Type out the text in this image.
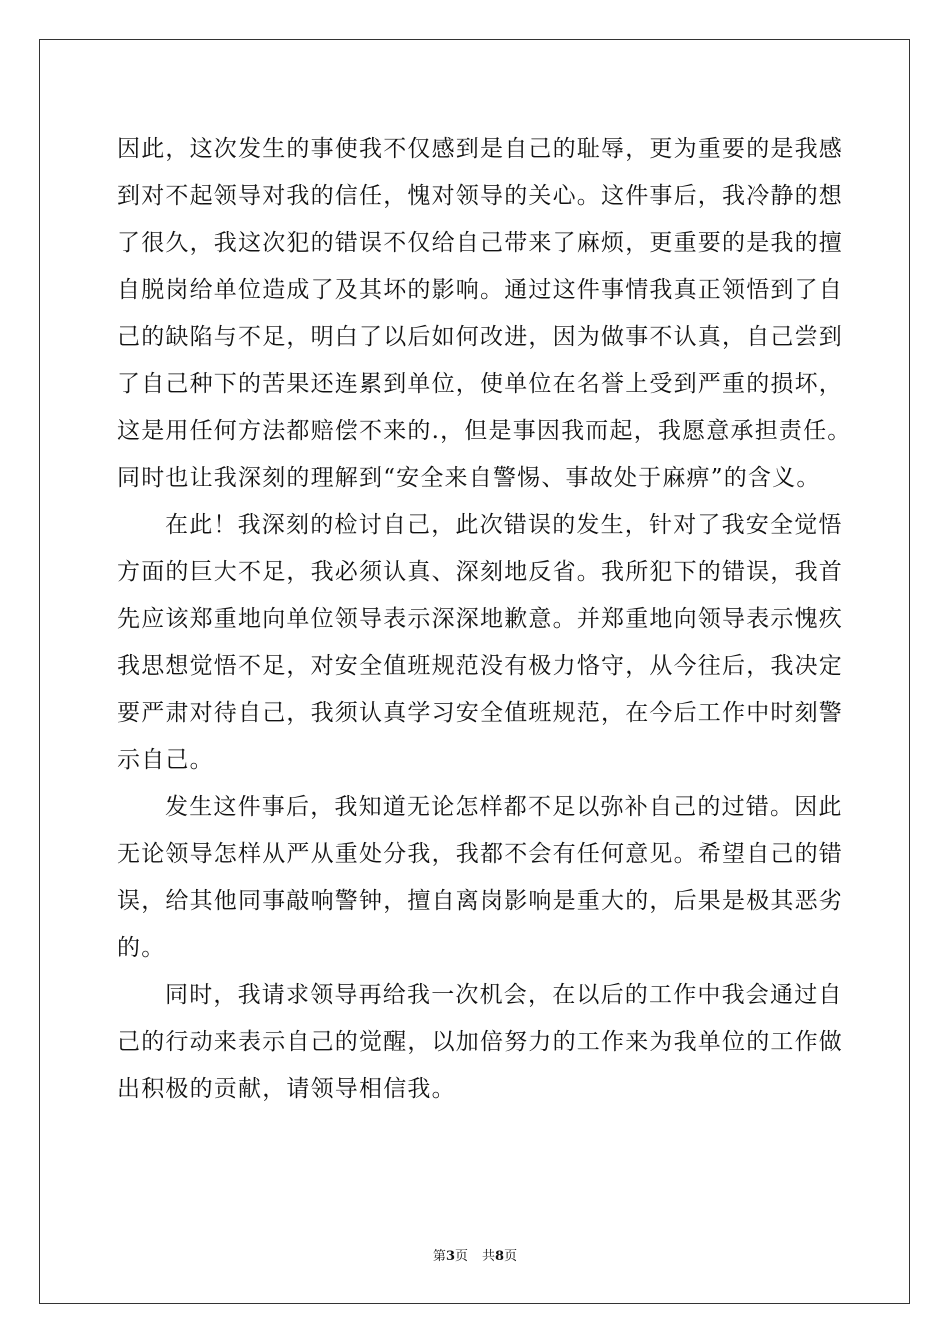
因此，这次发生的事使我不仅感到是自己的耻辱，更为重要的是我感
到对不起领导对我的信任，愧对领导的关心。这件事后，我冷静的想
了很久，我这次犯的错误不仅给自己带来了麻烦，更重要的是我的擅
自脱岗给单位造成了及其坏的影响。通过这件事情我真正领悟到了自
己的缺陷与不足，明白了以后如何改进，因为做事不认真，自己尝到
了自己种下的苦果还连累到单位，使单位在名誉上受到严重的损坏，
这是用任何方法都赔偿不来的.，但是事因我而起，我愿意承担责任。
同时也让我深刻的理解到“安全来自警惕、事故处于麻痹”的含义。
在此！我深刻的检讨自己，此次错误的发生，针对了我安全觉悟
方面的巨大不足，我必须认真、深刻地反省。我所犯下的错误，我首
先应该郑重地向单位领导表示深深地歉意。并郑重地向领导表示愧疚
我思想觉悟不足，对安全值班规范没有极力恪守，从今往后，我决定
要严肃对待自己，我须认真学习安全值班规范，在今后工作中时刻警
示自己。
发生这件事后，我知道无论怎样都不足以弥补自己的过错。因此
无论领导怎样从严从重处分我，我都不会有任何意见。希望自己的错
误，给其他同事敲响警钟，擅自离岗影响是重大的，后果是极其恶劣
的。
同时，我请求领导再给我一次机会，在以后的工作中我会通过自
己的行动来表示自己的觉醒，以加倍努力的工作来为我单位的工作做
出积极的贡献，请领导相信我。
第3页 共8页
